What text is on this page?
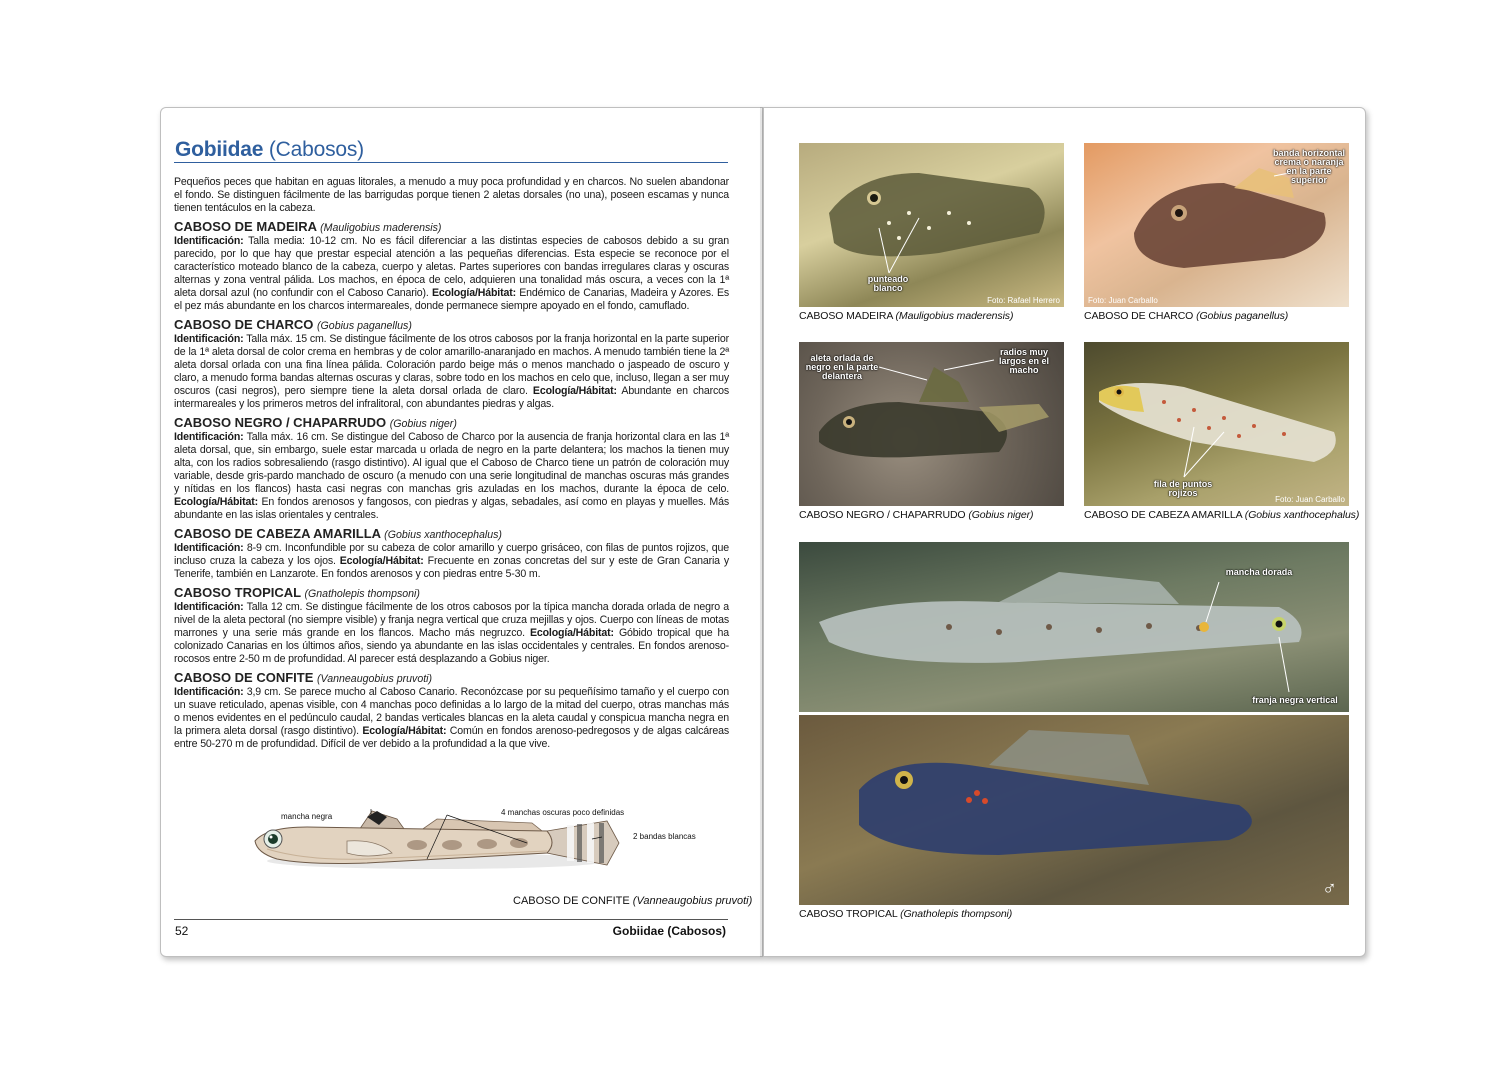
Gobiidae (Cabosos)

Pequeños peces que habitan en aguas litorales, a menudo a muy poca profundidad y en charcos. No suelen abandonar el fondo. Se distinguen fácilmente de las barrigudas porque tienen 2 aletas dorsales (no una), poseen escamas y nunca tienen tentáculos en la cabeza.

CABOSO DE MADEIRA (Mauligobius maderensis)

Identificación: Talla media: 10-12 cm. No es fácil diferenciar a las distintas especies de cabosos debido a su gran parecido, por lo que hay que prestar especial atención a las pequeñas diferencias. Esta especie se reconoce por el característico moteado blanco de la cabeza, cuerpo y aletas. Partes superiores con bandas irregulares claras y oscuras alternas y zona ventral pálida. Los machos, en época de celo, adquieren una tonalidad más oscura, a veces con la 1ª aleta dorsal azul (no confundir con el Caboso Canario). Ecología/Hábitat: Endémico de Canarias, Madeira y Azores. Es el pez más abundante en los charcos intermareales, donde permanece siempre apoyado en el fondo, camuflado.

CABOSO DE CHARCO (Gobius paganellus)

Identificación: Talla máx. 15 cm. Se distingue fácilmente de los otros cabosos por la franja horizontal en la parte superior de la 1ª aleta dorsal de color crema en hembras y de color amarillo-anaranjado en machos. A menudo también tiene la 2ª aleta dorsal orlada con una fina línea pálida. Coloración pardo beige más o menos manchado o jaspeado de oscuro y claro, a menudo forma bandas alternas oscuras y claras, sobre todo en los machos en celo que, incluso, llegan a ser muy oscuros (casi negros), pero siempre tiene la aleta dorsal orlada de claro. Ecología/Hábitat: Abundante en charcos intermareales y los primeros metros del infralitoral, con abundantes piedras y algas.

CABOSO NEGRO / CHAPARRUDO (Gobius niger)

Identificación: Talla máx. 16 cm. Se distingue del Caboso de Charco por la ausencia de franja horizontal clara en las 1ª aleta dorsal, que, sin embargo, suele estar marcada u orlada de negro en la parte delantera; los machos la tienen muy alta, con los radios sobresaliendo (rasgo distintivo). Al igual que el Caboso de Charco tiene un patrón de coloración muy variable, desde gris-pardo manchado de oscuro (a menudo con una serie longitudinal de manchas oscuras más grandes y nítidas en los flancos) hasta casi negras con manchas gris azuladas en los machos, durante la época de celo. Ecología/Hábitat: En fondos arenosos y fangosos, con piedras y algas, sebadales, así como en playas y muelles. Más abundante en las islas orientales y centrales.

CABOSO DE CABEZA AMARILLA (Gobius xanthocephalus)

Identificación: 8-9 cm. Inconfundible por su cabeza de color amarillo y cuerpo grisáceo, con filas de puntos rojizos, que incluso cruza la cabeza y los ojos. Ecología/Hábitat: Frecuente en zonas concretas del sur y este de Gran Canaria y Tenerife, también en Lanzarote. En fondos arenosos y con piedras entre 5-30 m.

CABOSO TROPICAL (Gnatholepis thompsoni)

Identificación: Talla 12 cm. Se distingue fácilmente de los otros cabosos por la típica mancha dorada orlada de negro a nivel de la aleta pectoral (no siempre visible) y franja negra vertical que cruza mejillas y ojos. Cuerpo con líneas de motas marrones y una serie más grande en los flancos. Macho más negruzco. Ecología/Hábitat: Góbido tropical que ha colonizado Canarias en los últimos años, siendo ya abundante en las islas occidentales y centrales. En fondos arenoso-rocosos entre 2-50 m de profundidad. Al parecer está desplazando a Gobius niger.

CABOSO DE CONFITE (Vanneaugobius pruvoti)

Identificación: 3,9 cm. Se parece mucho al Caboso Canario. Reconózcase por su pequeñísimo tamaño y el cuerpo con un suave reticulado, apenas visible, con 4 manchas poco definidas a lo largo de la mitad del cuerpo, otras manchas más o menos evidentes en el pedúnculo caudal, 2 bandas verticales blancas en la aleta caudal y conspicua mancha negra en la primera aleta dorsal (rasgo distintivo). Ecología/Hábitat: Común en fondos arenoso-pedregosos y de algas calcáreas entre 50-270 m de profundidad. Difícil de ver debido a la profundidad a la que vive.

mancha negra	4 manchas oscuras poco definidas
2 bandas blancas
CABOSO DE CONFITE (Vanneaugobius pruvoti)
52	Gobiidae (Cabosos)
punteado blanco
Foto: Rafael Herrero
CABOSO MADEIRA (Mauligobius maderensis)
banda horizontal crema o naranja en la parte superior
Foto: Juan Carballo
CABOSO DE CHARCO (Gobius paganellus)
aleta orlada de negro en la parte delantera
radios muy largos en el macho
CABOSO NEGRO / CHAPARRUDO (Gobius niger)
fila de puntos rojizos
Foto: Juan Carballo
CABOSO DE CABEZA AMARILLA (Gobius xanthocephalus)
mancha dorada
franja negra vertical
♂
CABOSO TROPICAL (Gnatholepis thompsoni)
